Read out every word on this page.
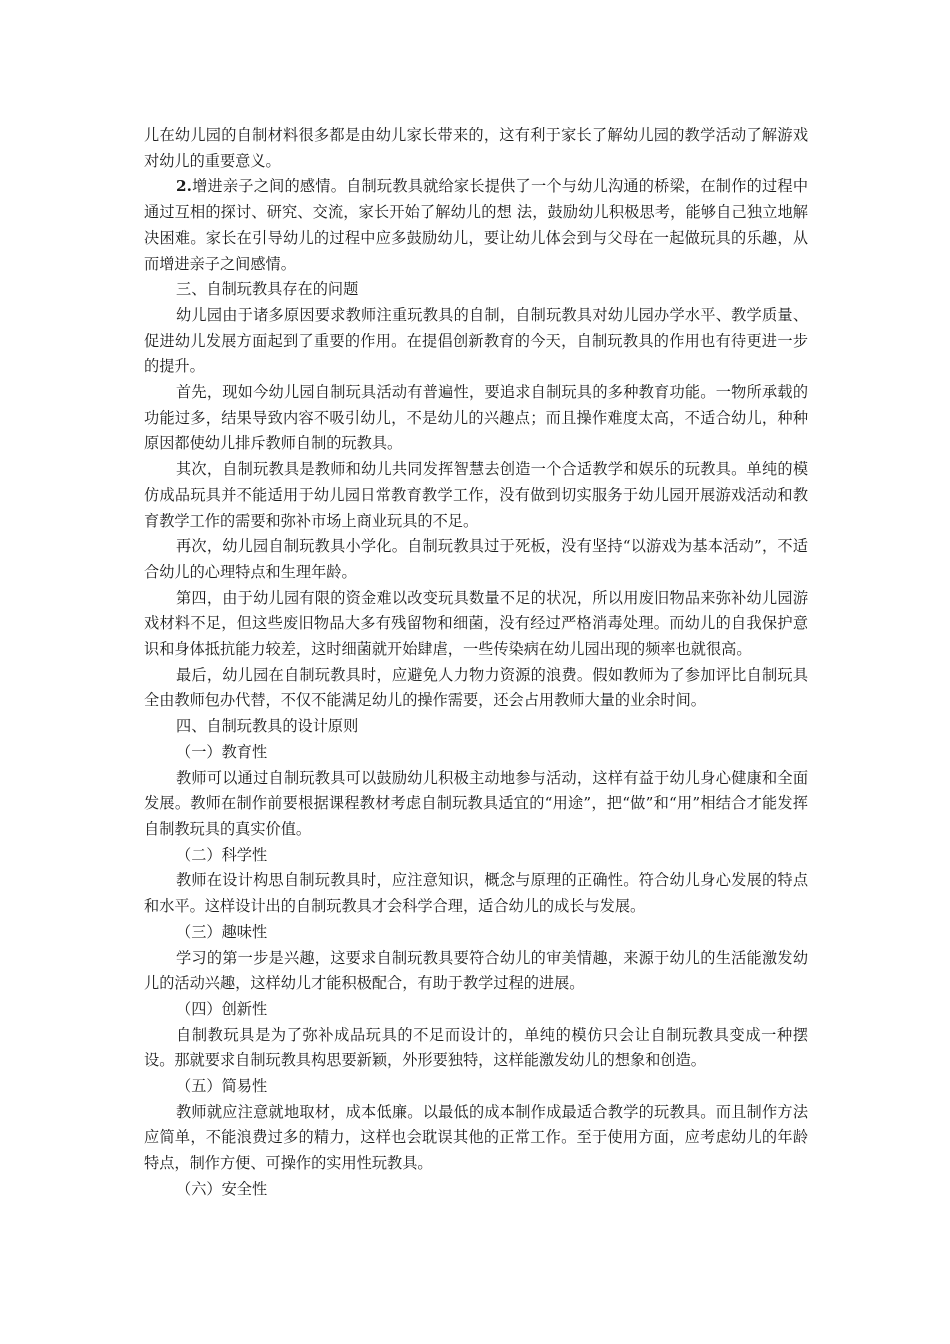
儿在幼儿园的自制材料很多都是由幼儿家长带来的，这有利于家长了解幼儿园的教学活动了解游戏对幼儿的重要意义。

2.增进亲子之间的感情。自制玩教具就给家长提供了一个与幼儿沟通的桥梁，在制作的过程中通过互相的探讨、研究、交流，家长开始了解幼儿的想 法，鼓励幼儿积极思考，能够自己独立地解决困难。家长在引导幼儿的过程中应多鼓励幼儿，要让幼儿体会到与父母在一起做玩具的乐趣，从而增进亲子之间感情。

三、自制玩教具存在的问题

幼儿园由于诸多原因要求教师注重玩教具的自制，自制玩教具对幼儿园办学水平、教学质量、促进幼儿发展方面起到了重要的作用。在提倡创新教育的今天，自制玩教具的作用也有待更进一步的提升。

首先，现如今幼儿园自制玩具活动有普遍性，要追求自制玩具的多种教育功能。一物所承载的功能过多，结果导致内容不吸引幼儿，不是幼儿的兴趣点；而且操作难度太高，不适合幼儿，种种原因都使幼儿排斥教师自制的玩教具。

其次，自制玩教具是教师和幼儿共同发挥智慧去创造一个合适教学和娱乐的玩教具。单纯的模仿成品玩具并不能适用于幼儿园日常教育教学工作，没有做到切实服务于幼儿园开展游戏活动和教育教学工作的需要和弥补市场上商业玩具的不足。

再次，幼儿园自制玩教具小学化。自制玩教具过于死板，没有坚持“以游戏为基本活动”，不适合幼儿的心理特点和生理年龄。

第四，由于幼儿园有限的资金难以改变玩具数量不足的状况，所以用废旧物品来弥补幼儿园游戏材料不足，但这些废旧物品大多有残留物和细菌，没有经过严格消毒处理。而幼儿的自我保护意识和身体抵抗能力较差，这时细菌就开始肆虐，一些传染病在幼儿园出现的频率也就很高。

最后，幼儿园在自制玩教具时，应避免人力物力资源的浪费。假如教师为了参加评比自制玩具全由教师包办代替，不仅不能满足幼儿的操作需要，还会占用教师大量的业余时间。

四、自制玩教具的设计原则

（一）教育性

教师可以通过自制玩教具可以鼓励幼儿积极主动地参与活动，这样有益于幼儿身心健康和全面发展。教师在制作前要根据课程教材考虑自制玩教具适宜的“用途”，把“做”和“用”相结合才能发挥自制教玩具的真实价值。

（二）科学性

教师在设计构思自制玩教具时，应注意知识，概念与原理的正确性。符合幼儿身心发展的特点和水平。这样设计出的自制玩教具才会科学合理，适合幼儿的成长与发展。

（三）趣味性

学习的第一步是兴趣，这要求自制玩教具要符合幼儿的审美情趣，来源于幼儿的生活能激发幼儿的活动兴趣，这样幼儿才能积极配合，有助于教学过程的进展。

（四）创新性

自制教玩具是为了弥补成品玩具的不足而设计的，单纯的模仿只会让自制玩教具变成一种摆设。那就要求自制玩教具构思要新颖，外形要独特，这样能激发幼儿的想象和创造。

（五）简易性

教师就应注意就地取材，成本低廉。以最低的成本制作成最适合教学的玩教具。而且制作方法应简单，不能浪费过多的精力，这样也会耽误其他的正常工作。至于使用方面，应考虑幼儿的年龄特点，制作方便、可操作的实用性玩教具。

（六）安全性
